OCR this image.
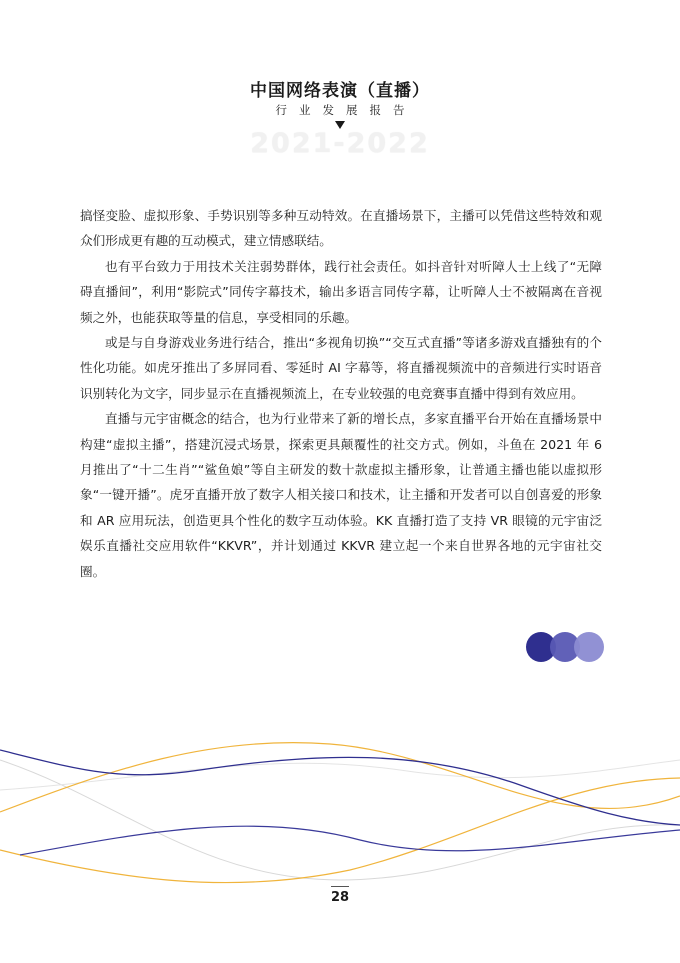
中国网络表演（直播）
行业发展报告
2021-2022

搞怪变脸、虚拟形象、手势识别等多种互动特效。在直播场景下，主播可以凭借这些特效和观众们形成更有趣的互动模式，建立情感联结。

也有平台致力于用技术关注弱势群体，践行社会责任。如抖音针对听障人士上线了“无障碍直播间”，利用“影院式”同传字幕技术，输出多语言同传字幕，让听障人士不被隔离在音视频之外，也能获取等量的信息，享受相同的乐趣。

或是与自身游戏业务进行结合，推出“多视角切换”“交互式直播”等诸多游戏直播独有的个性化功能。如虎牙推出了多屏同看、零延时 AI 字幕等，将直播视频流中的音频进行实时语音识别转化为文字，同步显示在直播视频流上，在专业较强的电竞赛事直播中得到有效应用。

直播与元宇宙概念的结合，也为行业带来了新的增长点，多家直播平台开始在直播场景中构建“虚拟主播”，搭建沉浸式场景，探索更具颠覆性的社交方式。例如，斗鱼在 2021 年 6 月推出了“十二生肖”“鲨鱼娘”等自主研发的数十款虚拟主播形象，让普通主播也能以虚拟形象“一键开播”。虎牙直播开放了数字人相关接口和技术，让主播和开发者可以自创喜爱的形象和 AR 应用玩法，创造更具个性化的数字互动体验。KK 直播打造了支持 VR 眼镜的元宇宙泛娱乐直播社交应用软件“KKVR”，并计划通过 KKVR 建立起一个来自世界各地的元宇宙社交圈。

28
